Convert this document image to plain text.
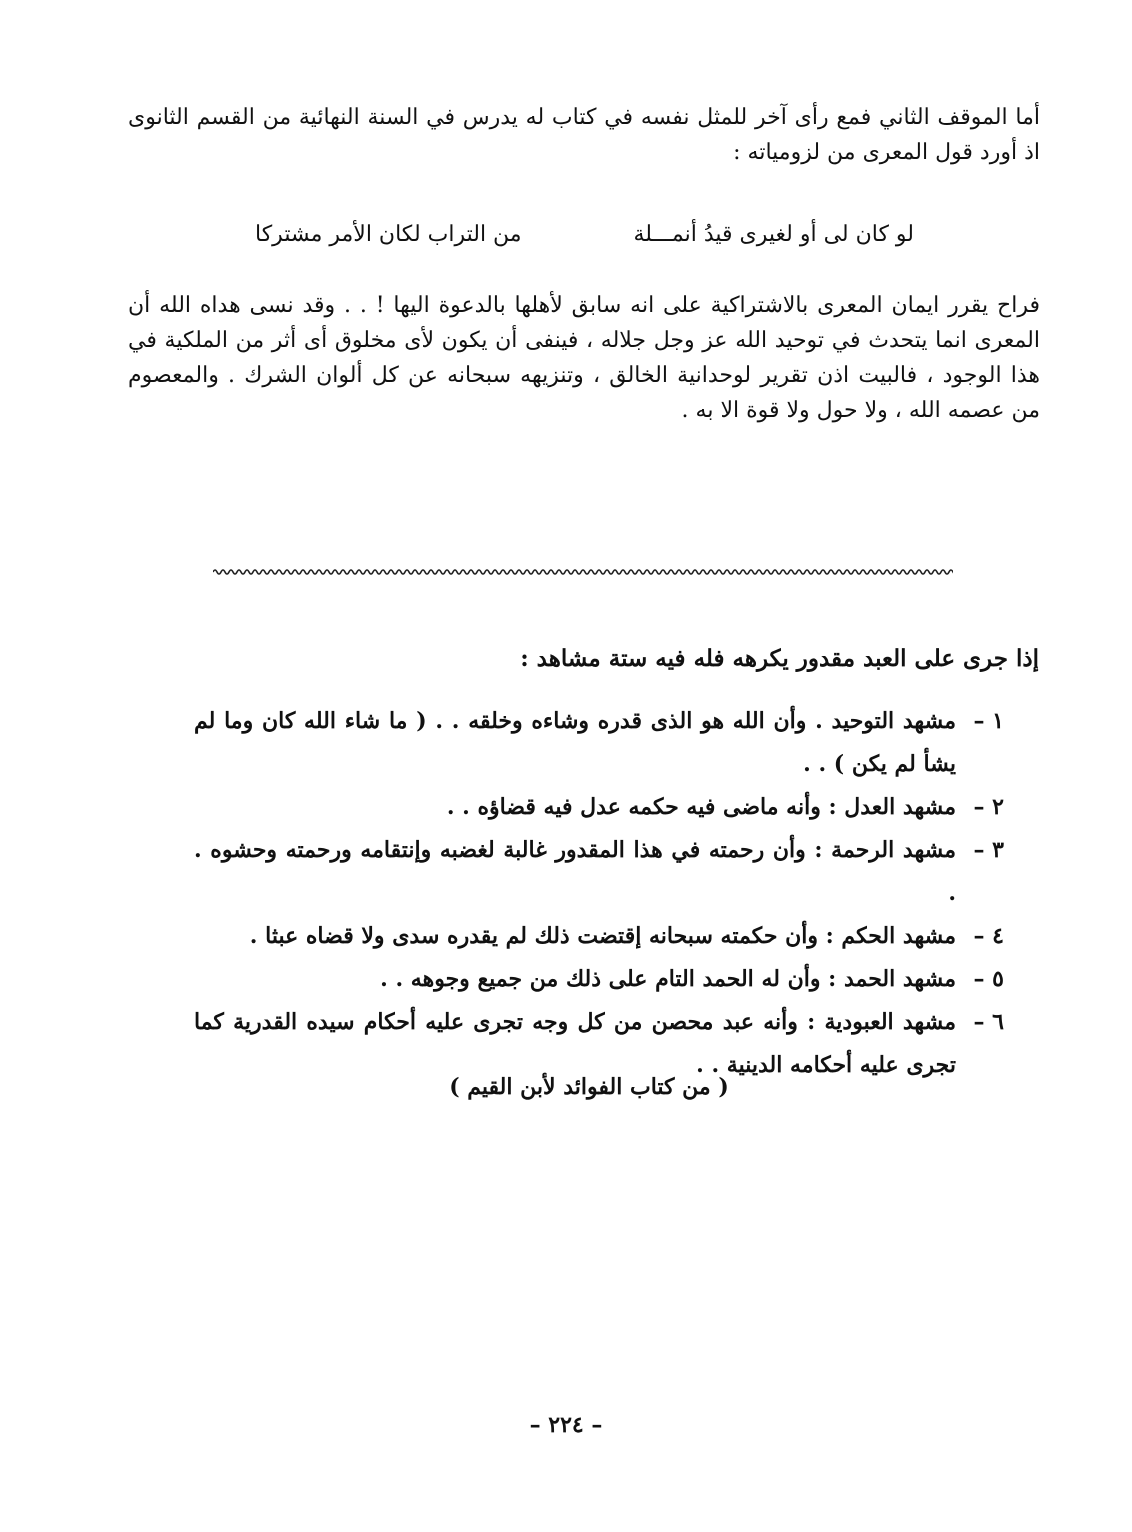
أما الموقف الثاني فمع رأى آخر للمثل نفسه في كتاب له يدرس في السنة النهائية من القسم الثانوى اذ أورد قول المعرى من لزومياته :

لو كان لى أو لغيرى قيدُ أنمـــلة
من التراب لكان الأمر مشتركا

فراح يقرر ايمان المعرى بالاشتراكية على انه سابق لأهلها بالدعوة اليها ! . . وقد نسى هداه الله أن المعرى انما يتحدث في توحيد الله عز وجل جلاله ، فينفى أن يكون لأى مخلوق أى أثر من الملكية في هذا الوجود ، فالبيت اذن تقرير لوحدانية الخالق ، وتنزيهه سبحانه عن كل ألوان الشرك . والمعصوم من عصمه الله ، ولا حول ولا قوة الا به .

إذا جرى على العبد مقدور يكرهه فله فيه ستة مشاهد :
١ –
مشهد التوحيد . وأن الله هو الذى قدره وشاءه وخلقه . . ( ما شاء الله كان وما لم يشأ لم يكن ) . .
٢ –
مشهد العدل : وأنه ماضى فيه حكمه عدل فيه قضاؤه . .
٣ –
مشهد الرحمة : وأن رحمته في هذا المقدور غالبة لغضبه وإنتقامه ورحمته وحشوه . .
٤ –
مشهد الحكم : وأن حكمته سبحانه إقتضت ذلك لم يقدره سدى ولا قضاه عبثا .
٥ –
مشهد الحمد : وأن له الحمد التام على ذلك من جميع وجوهه . .
٦ –
مشهد العبودية : وأنه عبد محصن من كل وجه تجرى عليه أحكام سيده القدرية كما تجرى عليه أحكامه الدينية . .
( من كتاب الفوائد لأبن القيم )
– ٢٢٤ –
